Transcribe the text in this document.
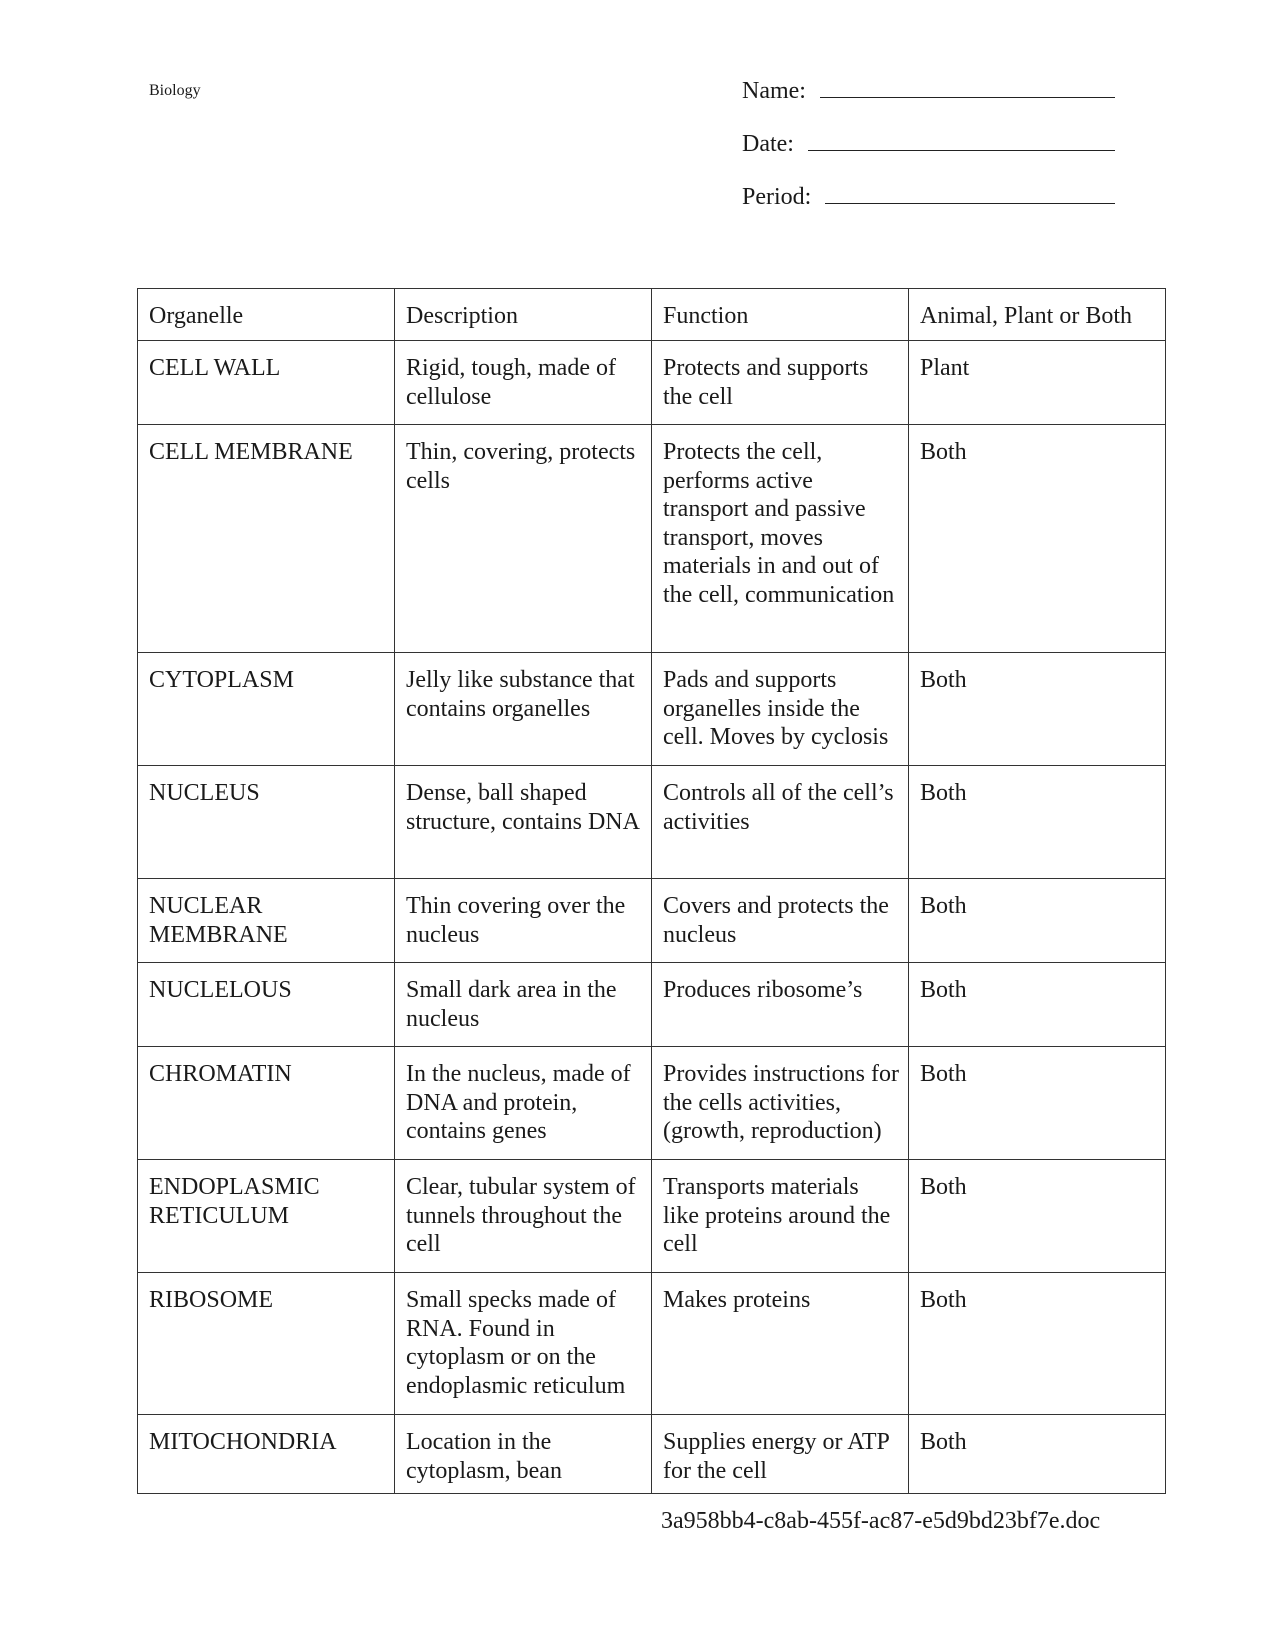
Biology	Name:
Date:
Period:
Organelle	Description	Function	Animal, Plant or Both
CELL WALL	Rigid, tough, made of cellulose	Protects and supports the cell	Plant
CELL MEMBRANE	Thin, covering, protects cells	Protects the cell, performs active transport and passive transport, moves materials in and out of the cell, communication	Both
CYTOPLASM	Jelly like substance that contains organelles	Pads and supports organelles inside the cell. Moves by cyclosis	Both
NUCLEUS	Dense, ball shaped structure, contains DNA	Controls all of the cell’s activities	Both
NUCLEAR MEMBRANE	Thin covering over the nucleus	Covers and protects the nucleus	Both
NUCLELOUS	Small dark area in the nucleus	Produces ribosome’s	Both
CHROMATIN	In the nucleus, made of DNA and protein, contains genes	Provides instructions for the cells activities, (growth, reproduction)	Both
ENDOPLASMIC RETICULUM	Clear, tubular system of tunnels throughout the cell	Transports materials like proteins around the cell	Both
RIBOSOME	Small specks made of RNA. Found in cytoplasm or on the endoplasmic reticulum	Makes proteins	Both
MITOCHONDRIA	Location in the cytoplasm, bean	Supplies energy or ATP for the cell	Both
3a958bb4-c8ab-455f-ac87-e5d9bd23bf7e.doc
